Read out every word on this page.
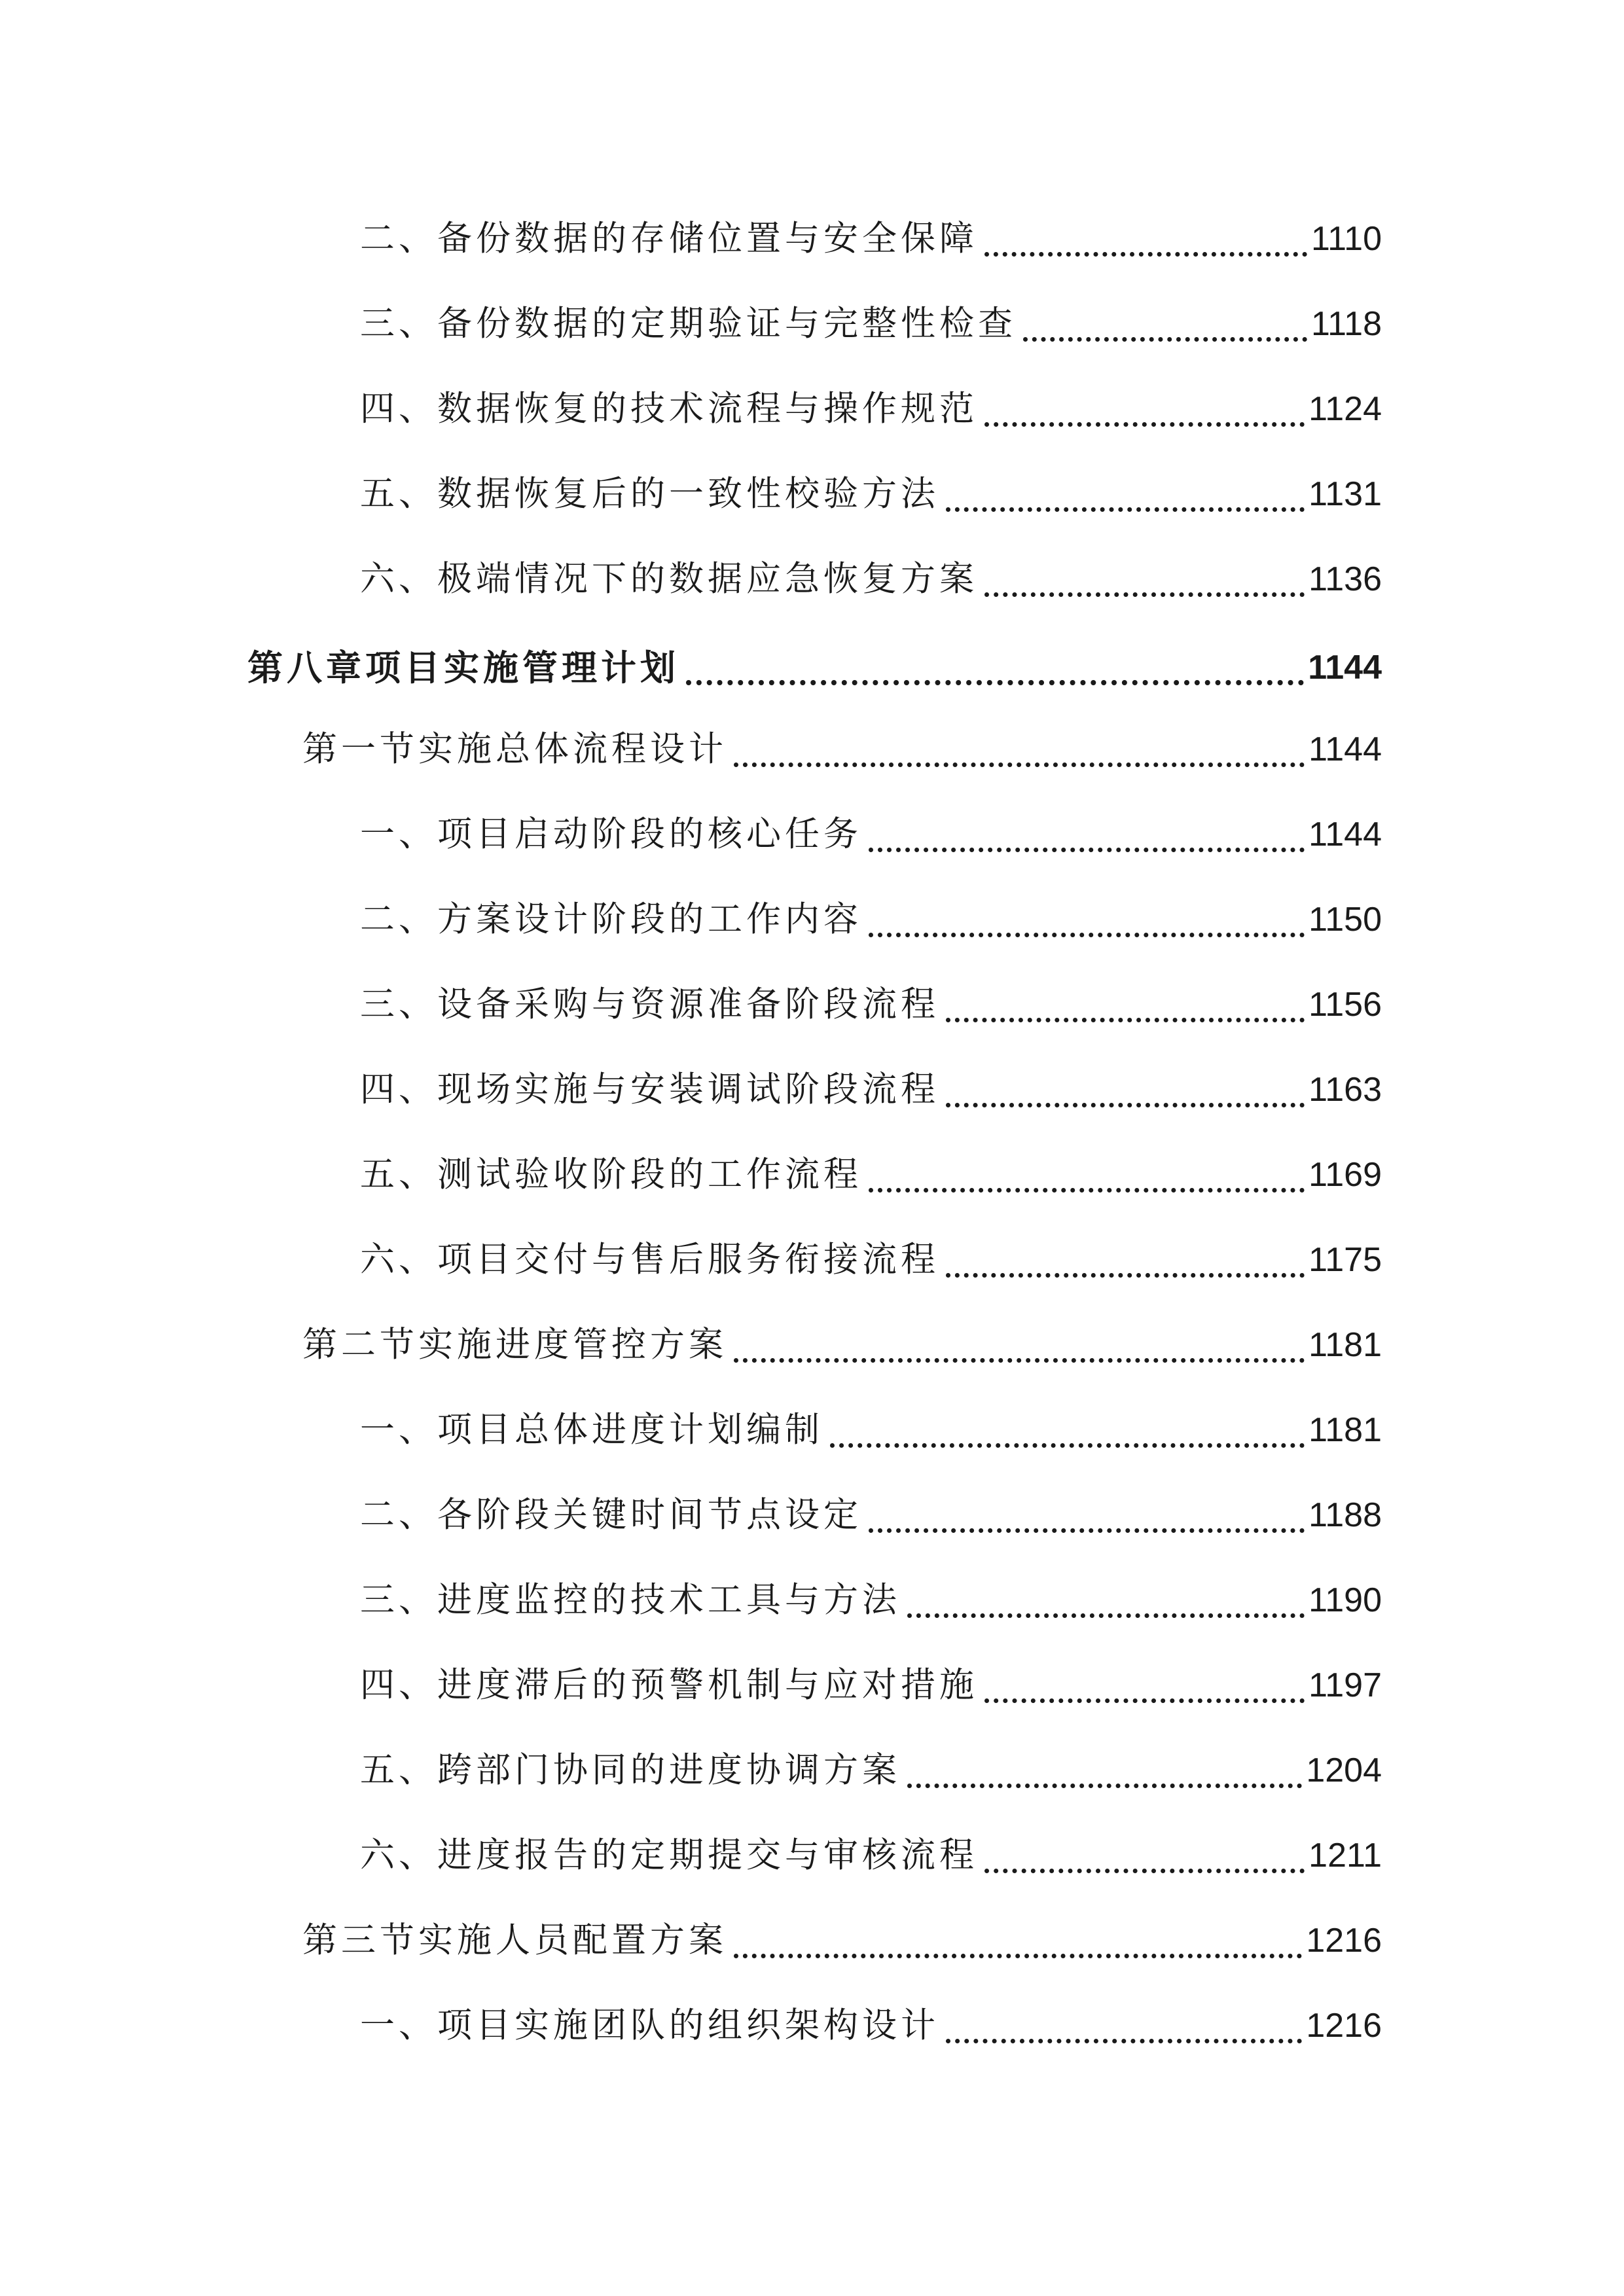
二、备份数据的存储位置与安全保障	1110
三、备份数据的定期验证与完整性检查	1118
四、数据恢复的技术流程与操作规范	1124
五、数据恢复后的一致性校验方法	1131
六、极端情况下的数据应急恢复方案	1136
第八章项目实施管理计划	1144
第一节实施总体流程设计	1144
一、项目启动阶段的核心任务	1144
二、方案设计阶段的工作内容	1150
三、设备采购与资源准备阶段流程	1156
四、现场实施与安装调试阶段流程	1163
五、测试验收阶段的工作流程	1169
六、项目交付与售后服务衔接流程	1175
第二节实施进度管控方案	1181
一、项目总体进度计划编制	1181
二、各阶段关键时间节点设定	1188
三、进度监控的技术工具与方法	1190
四、进度滞后的预警机制与应对措施	1197
五、跨部门协同的进度协调方案	1204
六、进度报告的定期提交与审核流程	1211
第三节实施人员配置方案	1216
一、项目实施团队的组织架构设计	1216
